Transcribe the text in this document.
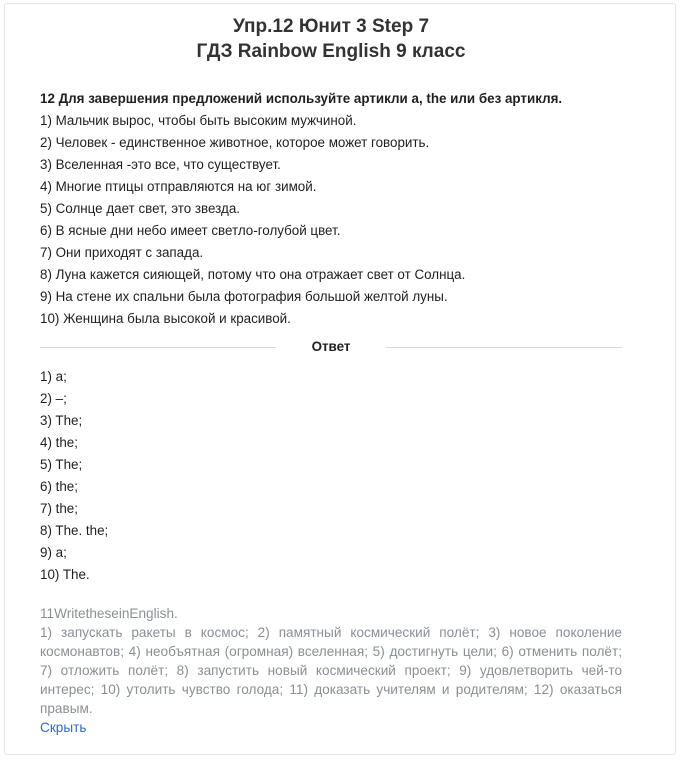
Упр.12 Юнит 3 Step 7
ГДЗ Rainbow English 9 класс
12 Для завершения предложений используйте артикли a, the или без артикля.
1) Мальчик вырос, чтобы быть высоким мужчиной.
2) Человек - единственное животное, которое может говорить.
3) Вселенная -это все, что существует.
4) Многие птицы отправляются на юг зимой.
5) Солнце дает свет, это звезда.
6) В ясные дни небо имеет светло-голубой цвет.
7) Они приходят с запада.
8) Луна кажется сияющей, потому что она отражает свет от Солнца.
9) На стене их спальни была фотография большой желтой луны.
10) Женщина была высокой и красивой.
Ответ
1) a;
2) –;
3) The;
4) the;
5) The;
6) the;
7) the;
8) The. the;
9) a;
10) The.
11WritetheseinEnglish.
1) запускать ракеты в космос; 2) памятный космический полёт; 3) новое поколение космонавтов; 4) необъятная (огромная) вселенная; 5) достигнуть цели; 6) отменить полёт; 7) отложить полёт; 8) запустить новый космический проект; 9) удовлетворить чей-то интерес; 10) утолить чувство голода; 11) доказать учителям и родителям; 12) оказаться правым.
Скрыть
